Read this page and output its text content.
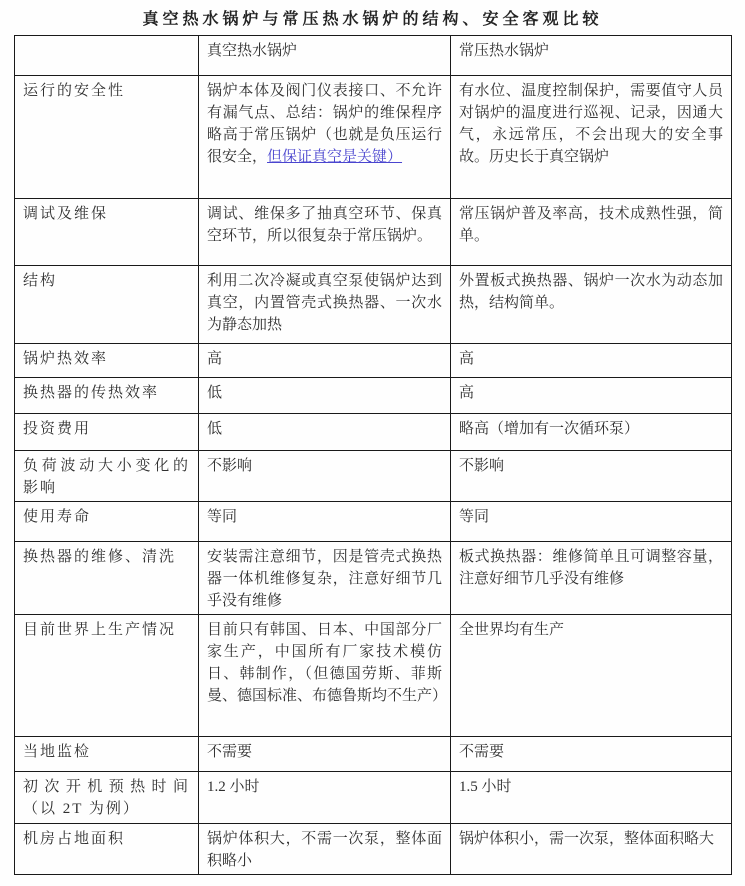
真空热水锅炉与常压热水锅炉的结构、安全客观比较
	真空热水锅炉	常压热水锅炉
运行的安全性	锅炉本体及阀门仪表接口、不允许有漏气点、总结：锅炉的维保程序略高于常压锅炉（也就是负压运行很安全，但保证真空是关键）	有水位、温度控制保护，需要值守人员对锅炉的温度进行巡视、记录，因通大气，永远常压，不会出现大的安全事故。历史长于真空锅炉
调试及维保	调试、维保多了抽真空环节、保真空环节，所以很复杂于常压锅炉。	常压锅炉普及率高，技术成熟性强，简单。
结构	利用二次冷凝或真空泵使锅炉达到真空，内置管壳式换热器、一次水为静态加热	外置板式换热器、锅炉一次水为动态加热，结构简单。
锅炉热效率	高	高
换热器的传热效率	低	高
投资费用	低	略高（增加有一次循环泵）
负荷波动大小变化的影响	不影响	不影响
使用寿命	等同	等同
换热器的维修、清洗	安装需注意细节，因是管壳式换热器一体机维修复杂，注意好细节几乎没有维修	板式换热器：维修简单且可调整容量，注意好细节几乎没有维修
目前世界上生产情况	目前只有韩国、日本、中国部分厂家生产，中国所有厂家技术模仿日、韩制作，（但德国劳斯、菲斯曼、德国标准、布德鲁斯均不生产）	全世界均有生产
当地监检	不需要	不需要
初次开机预热时间（以 2T 为例）	1.2 小时	1.5 小时
机房占地面积	锅炉体积大，不需一次泵，整体面积略小	锅炉体积小，需一次泵，整体面积略大
